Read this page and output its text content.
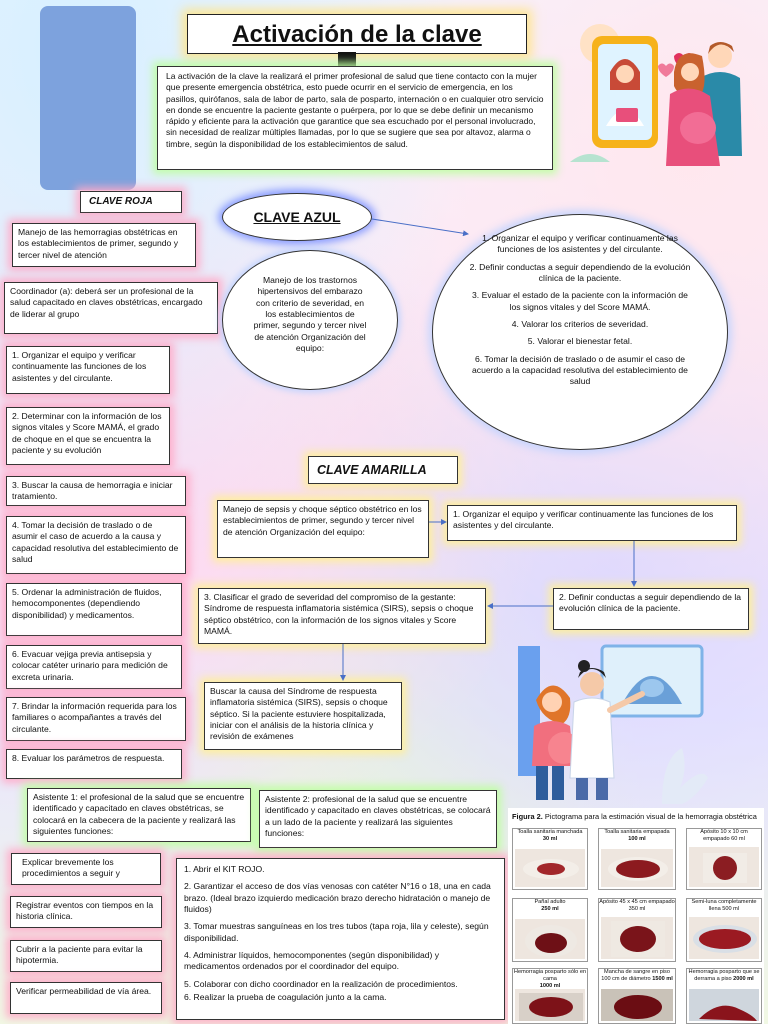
Activación de la clave
La activación de la clave la realizará el primer profesional de salud que tiene contacto con la mujer que presente emergencia obstétrica, esto puede ocurrir en el servicio de emergencia, en los pasillos, quirófanos, sala de labor de parto, sala de posparto, internación o en cualquier otro servicio en donde se encuentre la paciente gestante o puérpera, por lo que se debe definir un mecanismo rápido y eficiente para la activación que garantice que sea escuchado por el personal involucrado, sin necesidad de realizar múltiples llamadas, por lo que se sugiere que sea por altavoz, alarma o timbre, según la disponibilidad de los establecimientos de salud.
CLAVE ROJA
Manejo de las hemorragias obstétricas en los establecimientos de primer, segundo y tercer nivel de atención
Coordinador (a): deberá ser un profesional de la salud capacitado en claves obstétricas, encargado de liderar al grupo
1. Organizar el equipo y verificar continuamente las funciones de los asistentes y del circulante.
2. Determinar con la información de los signos vitales y Score MAMÁ, el grado de choque en el que se encuentra la paciente y su evolución
3. Buscar la causa de hemorragia e iniciar tratamiento.
4. Tomar la decisión de traslado o de asumir el caso de acuerdo a la causa y capacidad resolutiva del establecimiento de salud
5. Ordenar la administración de fluidos, hemocomponentes (dependiendo disponibilidad) y medicamentos.
6. Evacuar vejiga previa antisepsia y colocar catéter urinario para medición de excreta urinaria.
7. Brindar la información requerida para los familiares o acompañantes a través del circulante.
8. Evaluar los parámetros de respuesta.
Asistente 1: el profesional de la salud que se encuentre identificado y capacitado en claves obstétricas, se colocará en la cabecera de la paciente y realizará las siguientes funciones:
Asistente 2: profesional de la salud que se encuentre identificado y capacitado en claves obstétricas, se colocará a un lado de la paciente y realizará las siguientes funciones:
Explicar brevemente los procedimientos a seguir y
Registrar eventos con tiempos en la historia clínica.
Cubrir a la paciente para evitar la hipotermia.
Verificar permeabilidad de vía área.
1. Abrir el KIT ROJO.
2. Garantizar el acceso de dos vías venosas con catéter N°16 o 18, una en cada brazo. (Ideal brazo izquierdo medicación brazo derecho hidratación o manejo de fluidos)
3. Tomar muestras sanguíneas en los tres tubos (tapa roja, lila y celeste), según disponibilidad.
4. Administrar líquidos, hemocomponentes (según disponibilidad) y medicamentos ordenados por el coordinador del equipo.
5. Colaborar con dicho coordinador en la realización de procedimientos.
6. Realizar la prueba de coagulación junto a la cama.
CLAVE AZUL
Manejo de los trastornos hipertensivos del embarazo con criterio de severidad, en los establecimientos de primer, segundo y tercer nivel de atención Organización del equipo:
1. Organizar el equipo y verificar continuamente las funciones de los asistentes y del circulante.
2. Definir conductas a seguir dependiendo de la evolución clínica de la paciente.
3. Evaluar el estado de la paciente con la información de los signos vitales y del Score MAMÁ.
4. Valorar los criterios de severidad.
5. Valorar el bienestar fetal.
6. Tomar la decisión de traslado o de asumir el caso de acuerdo a la capacidad resolutiva del establecimiento de salud
CLAVE AMARILLA
Manejo de sepsis y choque séptico obstétrico en los establecimientos de primer, segundo y tercer nivel de atención Organización del equipo:
1. Organizar el equipo y verificar continuamente las funciones de los asistentes y del circulante.
2. Definir conductas a seguir dependiendo de la evolución clínica de la paciente.
3. Clasificar el grado de severidad del compromiso de la gestante: Síndrome de respuesta inflamatoria sistémica (SIRS), sepsis o choque séptico obstétrico, con la información de los signos vitales y Score MAMÁ.
Buscar la causa del Síndrome de respuesta inflamatoria sistémica (SIRS), sepsis o choque séptico. Si la paciente estuviere hospitalizada, iniciar con el análisis de la historia clínica y revisión de exámenes
Figura 2. Pictograma para la estimación visual de la hemorragia obstétrica
Toalla sanitaria manchada
30 ml
Toalla sanitaria empapada
100 ml
Apósito 10 x 10 cm empapado 60 ml
Pañal adulto
250 ml
Apósito 45 x 45 cm empapado 350 ml
Semi-luna completamente llena 500 ml
Hemorragia posparto sólo en cama
1000 ml
Mancha de sangre en piso 100 cm de diámetro 1500 ml
Hemorragia posparto que se derrama a piso 2000 ml
